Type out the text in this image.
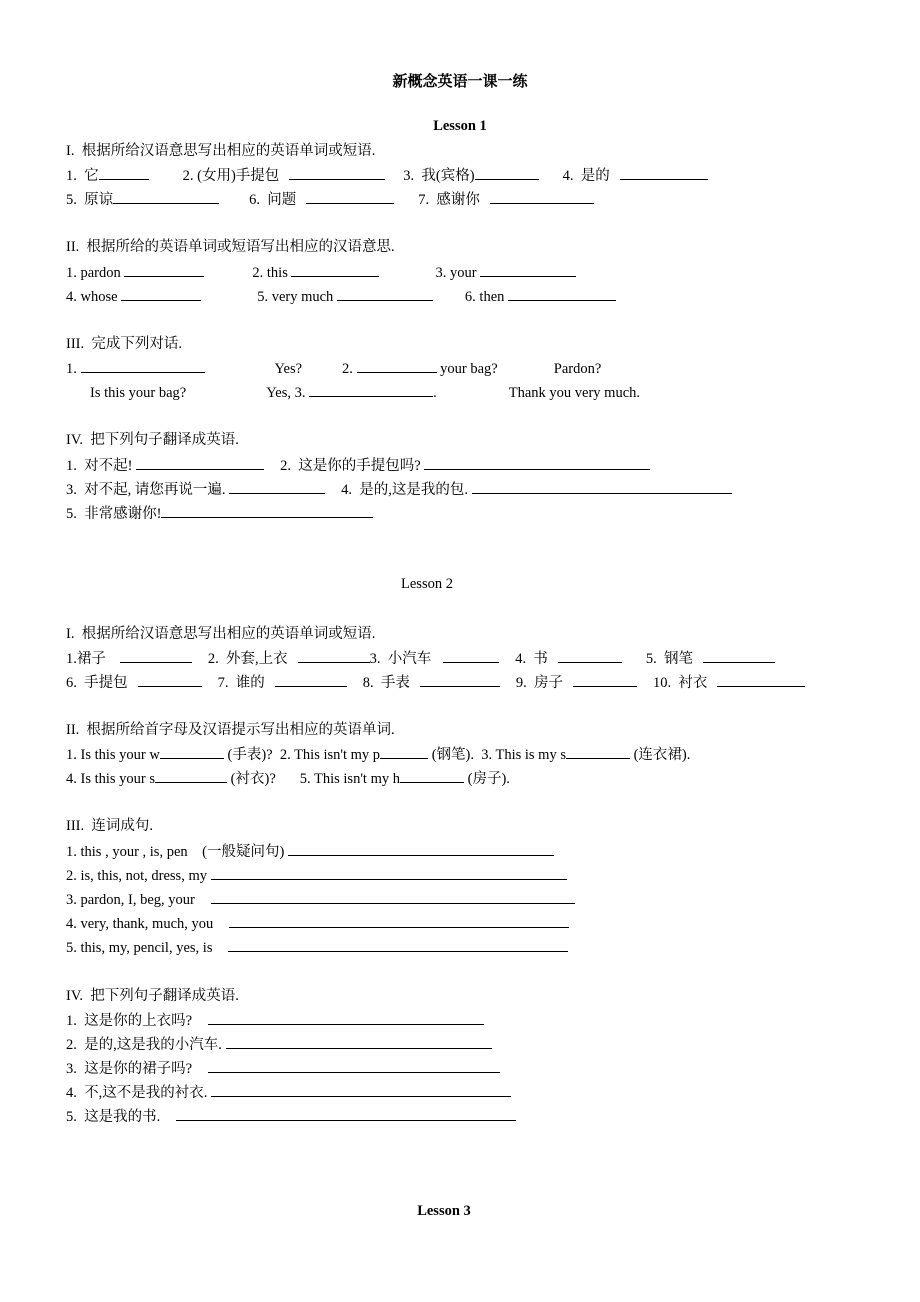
新概念英语一课一练
Lesson 1
I.  根据所给汉语意思写出相应的英语单词或短语.
1.  它	2. (女用)手提包	3.  我(宾格)	4.  是的
5.  原谅	6.  问题	7.  感谢你
II.  根据所给的英语单词或短语写出相应的汉语意思.
1. pardon	2. this	3. your
4. whose	5. very much	6. then
III.  完成下列对话.
1.	Yes?	2.	your bag?	Pardon?
Is this your bag?	Yes, 3.	.	Thank you very much.
IV.  把下列句子翻译成英语.
1.  对不起!	2.  这是你的手提包吗?
3.  对不起, 请您再说一遍.	4.  是的,这是我的包.
5.  非常感谢你!
Lesson 2
I.  根据所给汉语意思写出相应的英语单词或短语.
1.裙子	2.  外套,上衣	3.  小汽车	4.  书	5.  钢笔
6.  手提包	7.  谁的	8.  手表	9.  房子	10.  衬衣
II.  根据所给首字母及汉语提示写出相应的英语单词.
1. Is this your w	(手表)? 2. This isn't my p	(钢笔). 3. This is my s	(连衣裙).
4. Is this your s	(衬衣)? 5. This isn't my h	(房子).
III.  连词成句.
1. this , your , is, pen    (一般疑问句)
2. is, this, not, dress, my
3. pardon, I, beg, your
4. very, thank, much, you
5. this, my, pencil, yes, is
IV.  把下列句子翻译成英语.
1.  这是你的上衣吗?
2.  是的,这是我的小汽车.
3.  这是你的裙子吗?
4.  不,这不是我的衬衣.
5.  这是我的书.
Lesson 3
